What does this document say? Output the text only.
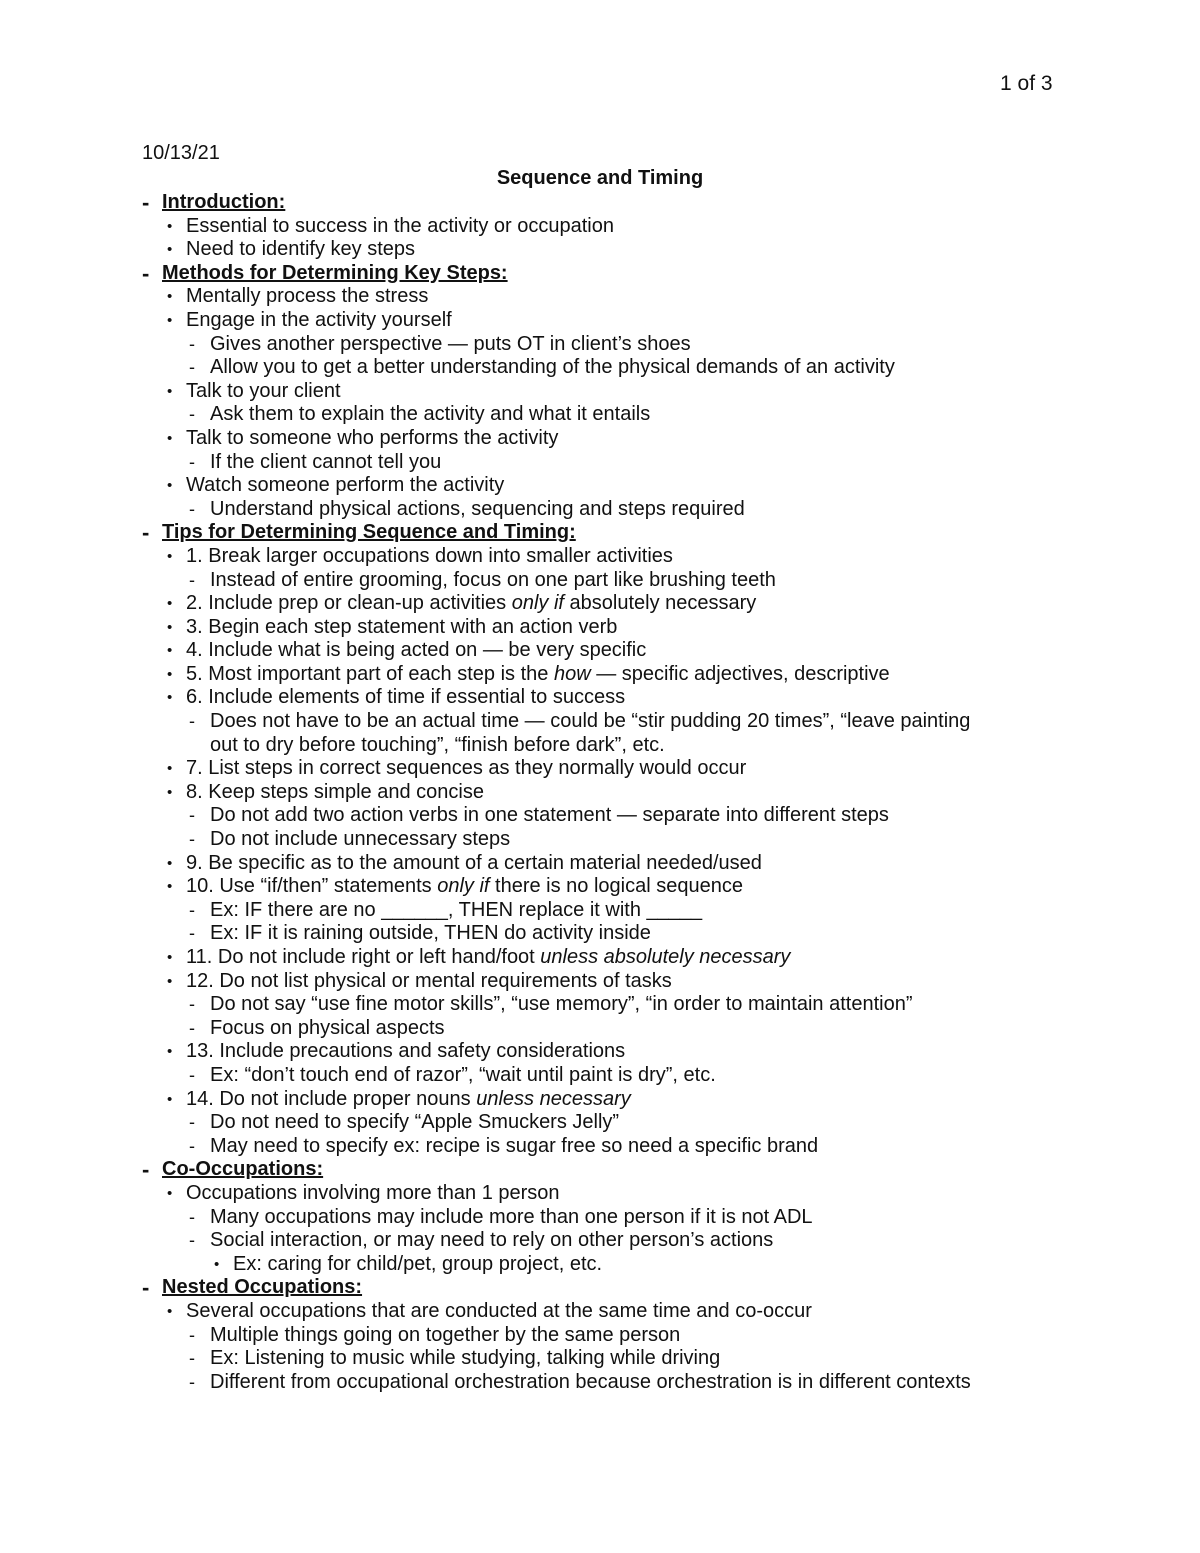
1 of 3
10/13/21
Sequence and Timing
- Introduction:
• Essential to success in the activity or occupation
• Need to identify key steps
- Methods for Determining Key Steps:
• Mentally process the stress
• Engage in the activity yourself
- Gives another perspective — puts OT in client’s shoes
- Allow you to get a better understanding of the physical demands of an activity
• Talk to your client
- Ask them to explain the activity and what it entails
• Talk to someone who performs the activity
- If the client cannot tell you
• Watch someone perform the activity
- Understand physical actions, sequencing and steps required
- Tips for Determining Sequence and Timing:
• 1. Break larger occupations down into smaller activities
- Instead of entire grooming, focus on one part like brushing teeth
• 2. Include prep or clean-up activities only if absolutely necessary
• 3. Begin each step statement with an action verb
• 4. Include what is being acted on — be very specific
• 5. Most important part of each step is the how — specific adjectives, descriptive
• 6. Include elements of time if essential to success
- Does not have to be an actual time — could be “stir pudding 20 times”, “leave painting
out to dry before touching”, “finish before dark”, etc.
• 7. List steps in correct sequences as they normally would occur
• 8. Keep steps simple and concise
- Do not add two action verbs in one statement — separate into different steps
- Do not include unnecessary steps
• 9. Be specific as to the amount of a certain material needed/used
• 10. Use “if/then” statements only if there is no logical sequence
- Ex: IF there are no ______, THEN replace it with _____
- Ex: IF it is raining outside, THEN do activity inside
• 11. Do not include right or left hand/foot unless absolutely necessary
• 12. Do not list physical or mental requirements of tasks
- Do not say “use fine motor skills”, “use memory”, “in order to maintain attention”
- Focus on physical aspects
• 13. Include precautions and safety considerations
- Ex: “don’t touch end of razor”, “wait until paint is dry”, etc.
• 14. Do not include proper nouns unless necessary
- Do not need to specify “Apple Smuckers Jelly”
- May need to specify ex: recipe is sugar free so need a specific brand
- Co-Occupations:
• Occupations involving more than 1 person
- Many occupations may include more than one person if it is not ADL
- Social interaction, or may need to rely on other person’s actions
• Ex: caring for child/pet, group project, etc.
- Nested Occupations:
• Several occupations that are conducted at the same time and co-occur
- Multiple things going on together by the same person
- Ex: Listening to music while studying, talking while driving
- Different from occupational orchestration because orchestration is in different contexts
